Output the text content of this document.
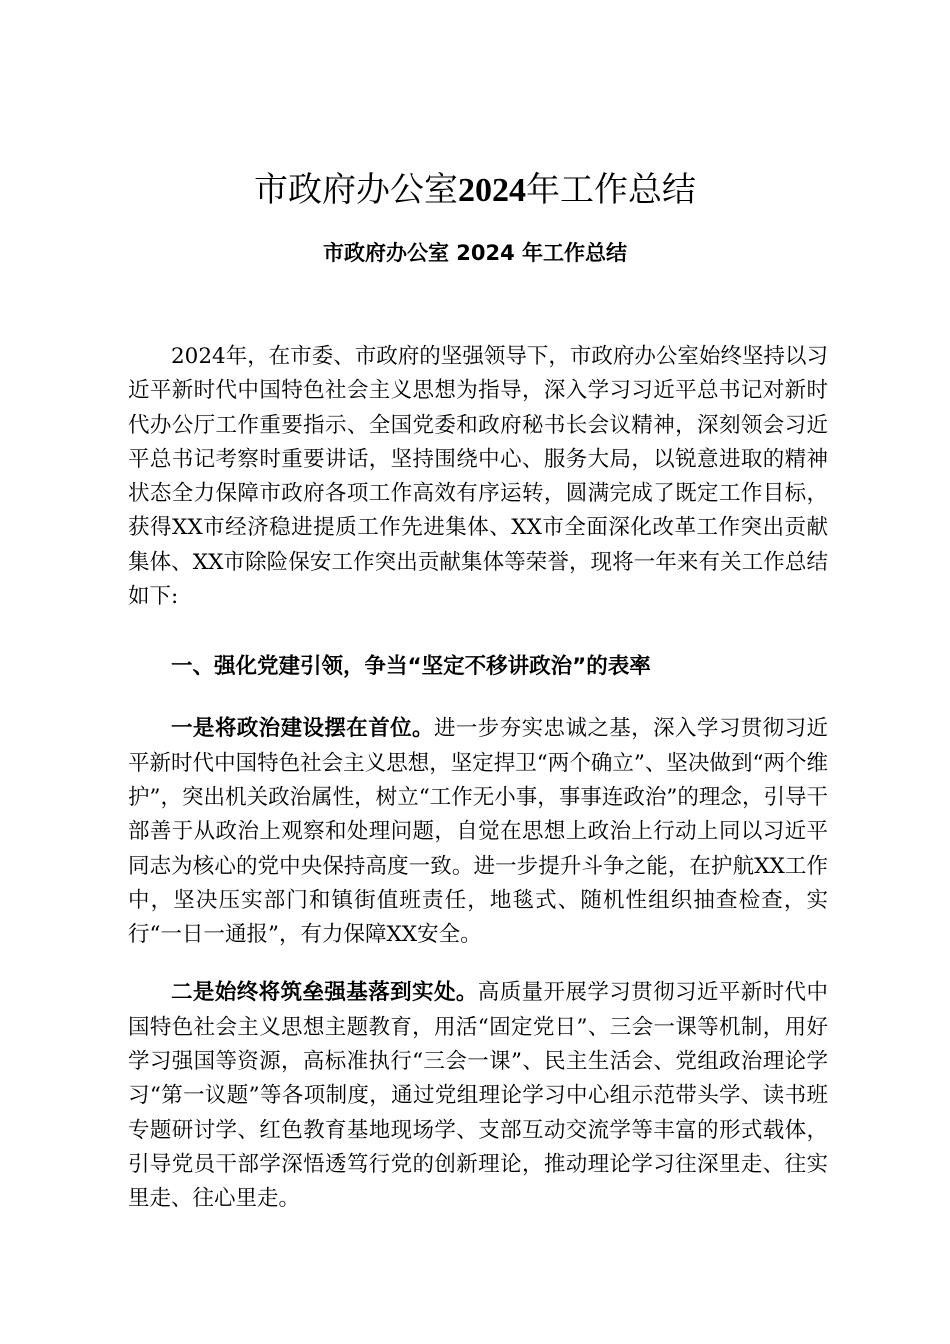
市政府办公室2024年工作总结
市政府办公室 2024 年工作总结

2024年，在市委、市政府的坚强领导下，市政府办公室始终坚持以习近平新时代中国特色社会主义思想为指导，深入学习习近平总书记对新时代办公厅工作重要指示、全国党委和政府秘书长会议精神，深刻领会习近平总书记考察时重要讲话，坚持围绕中心、服务大局，以锐意进取的精神状态全力保障市政府各项工作高效有序运转，圆满完成了既定工作目标，获得XX市经济稳进提质工作先进集体、XX市全面深化改革工作突出贡献集体、XX市除险保安工作突出贡献集体等荣誉，现将一年来有关工作总结如下:

一、强化党建引领，争当“坚定不移讲政治”的表率

一是将政治建设摆在首位。进一步夯实忠诚之基，深入学习贯彻习近平新时代中国特色社会主义思想，坚定捍卫“两个确立”、坚决做到“两个维护”，突出机关政治属性，树立“工作无小事，事事连政治”的理念，引导干部善于从政治上观察和处理问题，自觉在思想上政治上行动上同以习近平同志为核心的党中央保持高度一致。进一步提升斗争之能，在护航XX工作中，坚决压实部门和镇街值班责任，地毯式、随机性组织抽查检查，实行“一日一通报”，有力保障XX安全。

二是始终将筑垒强基落到实处。高质量开展学习贯彻习近平新时代中国特色社会主义思想主题教育，用活“固定党日”、三会一课等机制，用好学习强国等资源，高标准执行“三会一课”、民主生活会、党组政治理论学习“第一议题”等各项制度，通过党组理论学习中心组示范带头学、读书班专题研讨学、红色教育基地现场学、支部互动交流学等丰富的形式载体，引导党员干部学深悟透笃行党的创新理论，推动理论学习往深里走、往实里走、往心里走。
